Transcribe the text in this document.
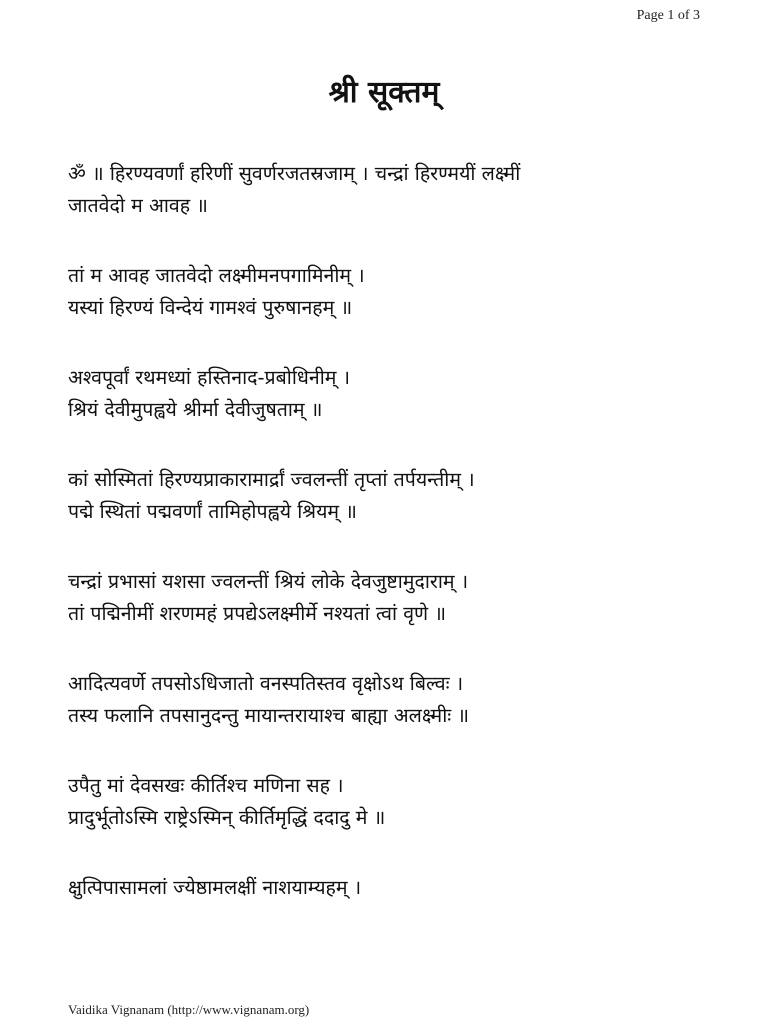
Page 1 of 3
श्री सूक्तम्
ॐ ॥ हिरण्यवर्णां हरिणीं सुवर्णरजतस्रजाम् । चन्द्रां हिरण्मयीं लक्ष्मीं
जातवेदो म आवह ॥
तां म आवह जातवेदो लक्ष्मीमनपगामिनीम् ।
यस्यां हिरण्यं विन्देयं गामश्वं पुरुषानहम् ॥
अश्वपूर्वां रथमध्यां हस्तिनाद-प्रबोधिनीम् ।
श्रियं देवीमुपह्वये श्रीर्मा देवीजुषताम् ॥
कां सोस्मितां हिरण्यप्राकारामार्द्रां ज्वलन्तीं तृप्तां तर्पयन्तीम् ।
पद्मे स्थितां पद्मवर्णां तामिहोपह्वये श्रियम् ॥
चन्द्रां प्रभासां यशसा ज्वलन्तीं श्रियं लोके देवजुष्टामुदाराम् ।
तां पद्मिनीमीं शरणमहं प्रपद्येऽलक्ष्मीर्मे नश्यतां त्वां वृणे ॥
आदित्यवर्णे तपसोऽधिजातो वनस्पतिस्तव वृक्षोऽथ बिल्वः ।
तस्य फलानि तपसानुदन्तु मायान्तरायाश्च बाह्या अलक्ष्मीः ॥
उपैतु मां देवसखः कीर्तिश्च मणिना सह ।
प्रादुर्भूतोऽस्मि राष्ट्रेऽस्मिन् कीर्तिमृद्धिं ददादु मे ॥
क्षुत्पिपासामलां ज्येष्ठामलक्षीं नाशयाम्यहम् ।
Vaidika Vignanam (http://www.vignanam.org)
